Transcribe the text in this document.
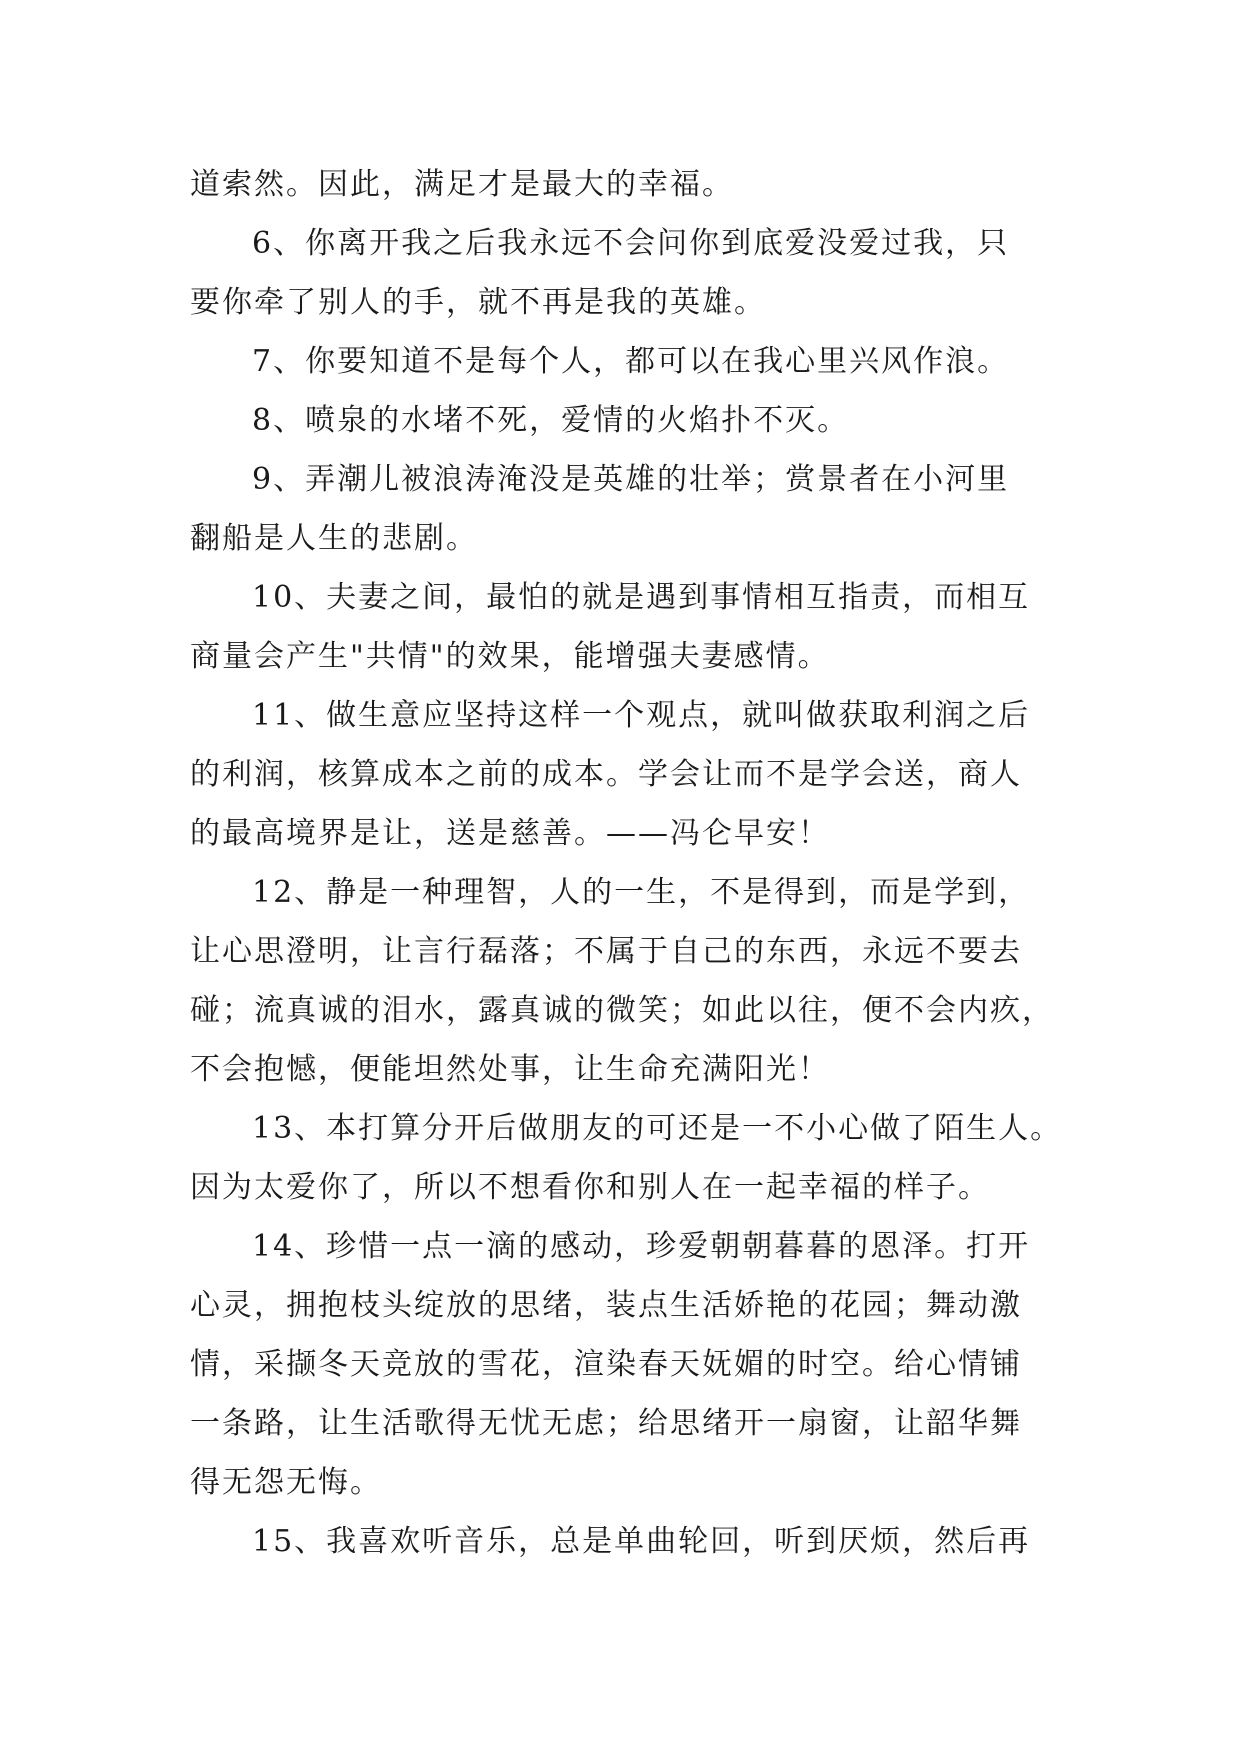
道索然。因此，满足才是最大的幸福。
6、你离开我之后我永远不会问你到底爱没爱过我，只
要你牵了别人的手，就不再是我的英雄。
7、你要知道不是每个人，都可以在我心里兴风作浪。
8、喷泉的水堵不死，爱情的火焰扑不灭。
9、弄潮儿被浪涛淹没是英雄的壮举；赏景者在小河里
翻船是人生的悲剧。
10、夫妻之间，最怕的就是遇到事情相互指责，而相互
商量会产生"共情"的效果，能增强夫妻感情。
11、做生意应坚持这样一个观点，就叫做获取利润之后
的利润，核算成本之前的成本。学会让而不是学会送，商人
的最高境界是让，送是慈善。——冯仑早安！
12、静是一种理智，人的一生，不是得到，而是学到，
让心思澄明，让言行磊落；不属于自己的东西，永远不要去
碰；流真诚的泪水，露真诚的微笑；如此以往，便不会内疚，
不会抱憾，便能坦然处事，让生命充满阳光！
13、本打算分开后做朋友的可还是一不小心做了陌生人。
因为太爱你了，所以不想看你和别人在一起幸福的样子。
14、珍惜一点一滴的感动，珍爱朝朝暮暮的恩泽。打开
心灵，拥抱枝头绽放的思绪，装点生活娇艳的花园；舞动激
情，采撷冬天竞放的雪花，渲染春天妩媚的时空。给心情铺
一条路，让生活歌得无忧无虑；给思绪开一扇窗，让韶华舞
得无怨无悔。
15、我喜欢听音乐，总是单曲轮回，听到厌烦，然后再
